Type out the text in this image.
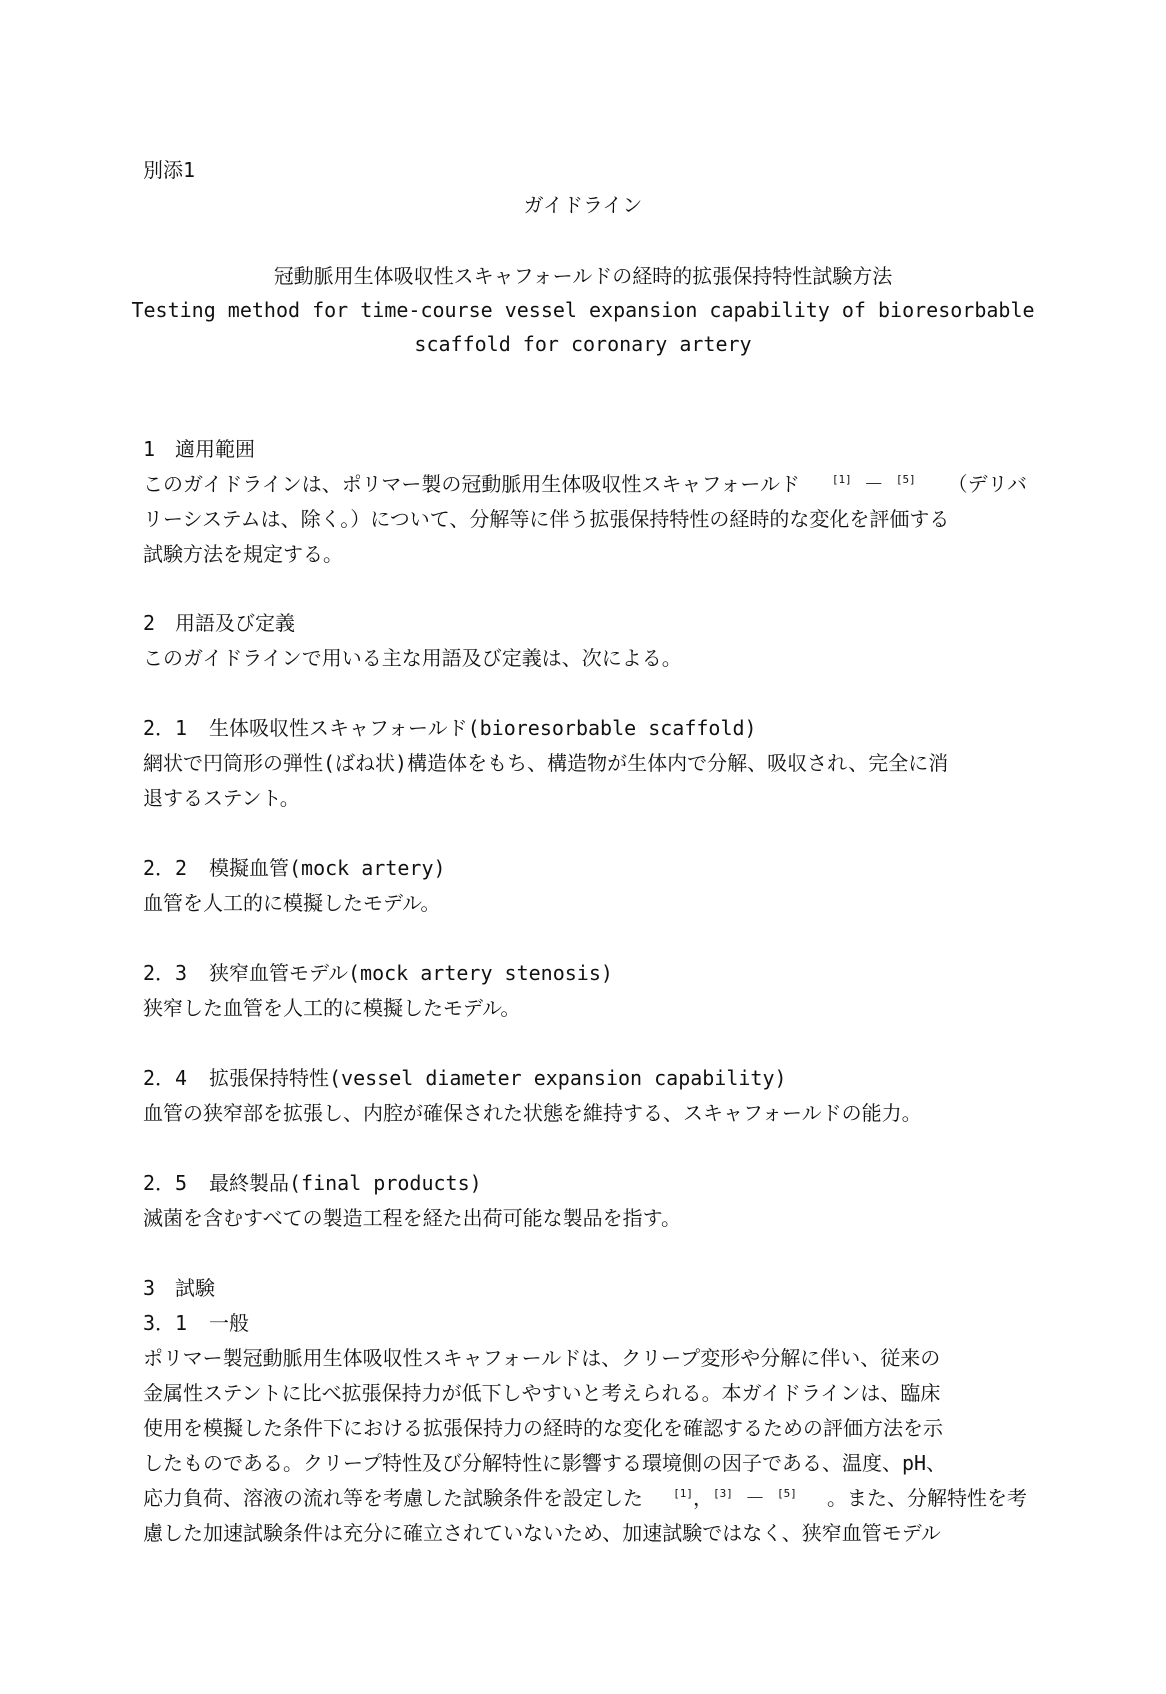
別添1
ガイドライン
冠動脈用生体吸収性スキャフォールドの経時的拡張保持特性試験方法
Testing method for time-course vessel expansion capability of bioresorbable
scaffold for coronary artery
1 適用範囲
このガイドラインは、ポリマー製の冠動脈用生体吸収性スキャフォールド	[1] － [5] （デリバ
リーシステムは、除く。）について、分解等に伴う拡張保持特性の経時的な変化を評価する
試験方法を規定する。
2 用語及び定義
このガイドラインで用いる主な用語及び定義は、次による。
2．1 生体吸収性スキャフォールド(bioresorbable scaffold)
網状で円筒形の弾性(ばね状)構造体をもち、構造物が生体内で分解、吸収され、完全に消
退するステント。
2．2 模擬血管(mock artery)
血管を人工的に模擬したモデル。
2．3 狭窄血管モデル(mock artery stenosis)
狭窄した血管を人工的に模擬したモデル。
2．4 拡張保持特性(vessel diameter expansion capability)
血管の狭窄部を拡張し、内腔が確保された状態を維持する、スキャフォールドの能力。
2．5 最終製品(final products)
滅菌を含むすべての製造工程を経た出荷可能な製品を指す。
3 試験
3．1 一般
ポリマー製冠動脈用生体吸収性スキャフォールドは、クリープ変形や分解に伴い、従来の
金属性ステントに比べ拡張保持力が低下しやすいと考えられる。本ガイドラインは、臨床
使用を模擬した条件下における拡張保持力の経時的な変化を確認するための評価方法を示
したものである。クリープ特性及び分解特性に影響する環境側の因子である、温度、pH、
応力負荷、溶液の流れ等を考慮した試験条件を設定した	[1]，[3] － [5] 。また、分解特性を考
慮した加速試験条件は充分に確立されていないため、加速試験ではなく、狭窄血管モデル
